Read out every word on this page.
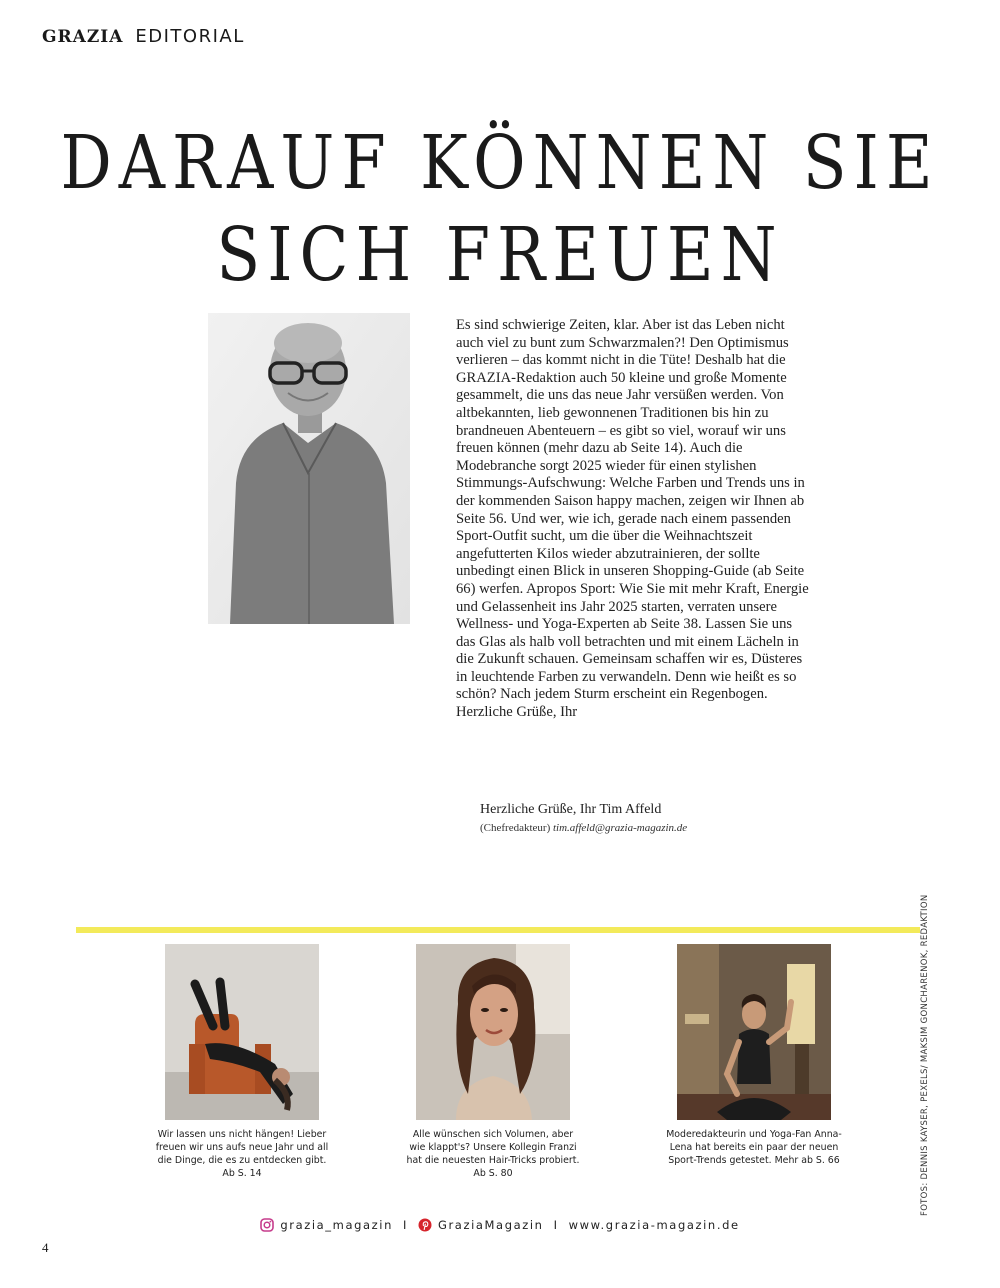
GRAZIA EDITORIAL
DARAUF KÖNNEN SIE
SICH FREUEN

Es sind schwierige Zeiten, klar. Aber ist das Leben nicht auch viel zu bunt zum Schwarzmalen?! Den Optimismus verlieren – das kommt nicht in die Tüte! Deshalb hat die GRAZIA-Redaktion auch 50 kleine und große Momente gesammelt, die uns das neue Jahr versüßen werden. Von altbekannten, lieb gewonnenen Traditionen bis hin zu brandneuen Abenteuern – es gibt so viel, worauf wir uns freuen können (mehr dazu ab Seite 14). Auch die Modebranche sorgt 2025 wieder für einen stylishen Stimmungs-Aufschwung: Welche Farben und Trends uns in der kommenden Saison happy machen, zeigen wir Ihnen ab Seite 56. Und wer, wie ich, gerade nach einem passenden Sport-Outfit sucht, um die über die Weihnachtszeit angefutterten Kilos wieder abzutrainieren, der sollte unbedingt einen Blick in unseren Shopping-Guide (ab Seite 66) werfen. Apropos Sport: Wie Sie mit mehr Kraft, Energie und Gelassenheit ins Jahr 2025 starten, verraten unsere Wellness- und Yoga-Experten ab Seite 38. Lassen Sie uns das Glas als halb voll betrachten und mit einem Lächeln in die Zukunft schauen. Gemeinsam schaffen wir es, Düsteres in leuchtende Farben zu verwandeln. Denn wie heißt es so schön? Nach jedem Sturm erscheint ein Regenbogen. Herzliche Grüße, Ihr

Herzliche Grüße, Ihr Tim Affeld
(Chefredakteur) tim.affeld@grazia-magazin.de
FOTOS: DENNIS KAYSER, PEXELS/ MAKSIM GONCHARENOK, REDAKTION
Wir lassen uns nicht hängen! Lieber freuen wir uns aufs neue Jahr und all die Dinge, die es zu entdecken gibt. Ab S. 14
Alle wünschen sich Volumen, aber wie klappt's? Unsere Kollegin Franzi hat die neuesten Hair-Tricks probiert. Ab S. 80
Moderedakteurin und Yoga-Fan Anna-Lena hat bereits ein paar der neuen Sport-Trends getestet. Mehr ab S. 66
grazia_magazin I	GraziaMagazin I www.grazia-magazin.de
4
